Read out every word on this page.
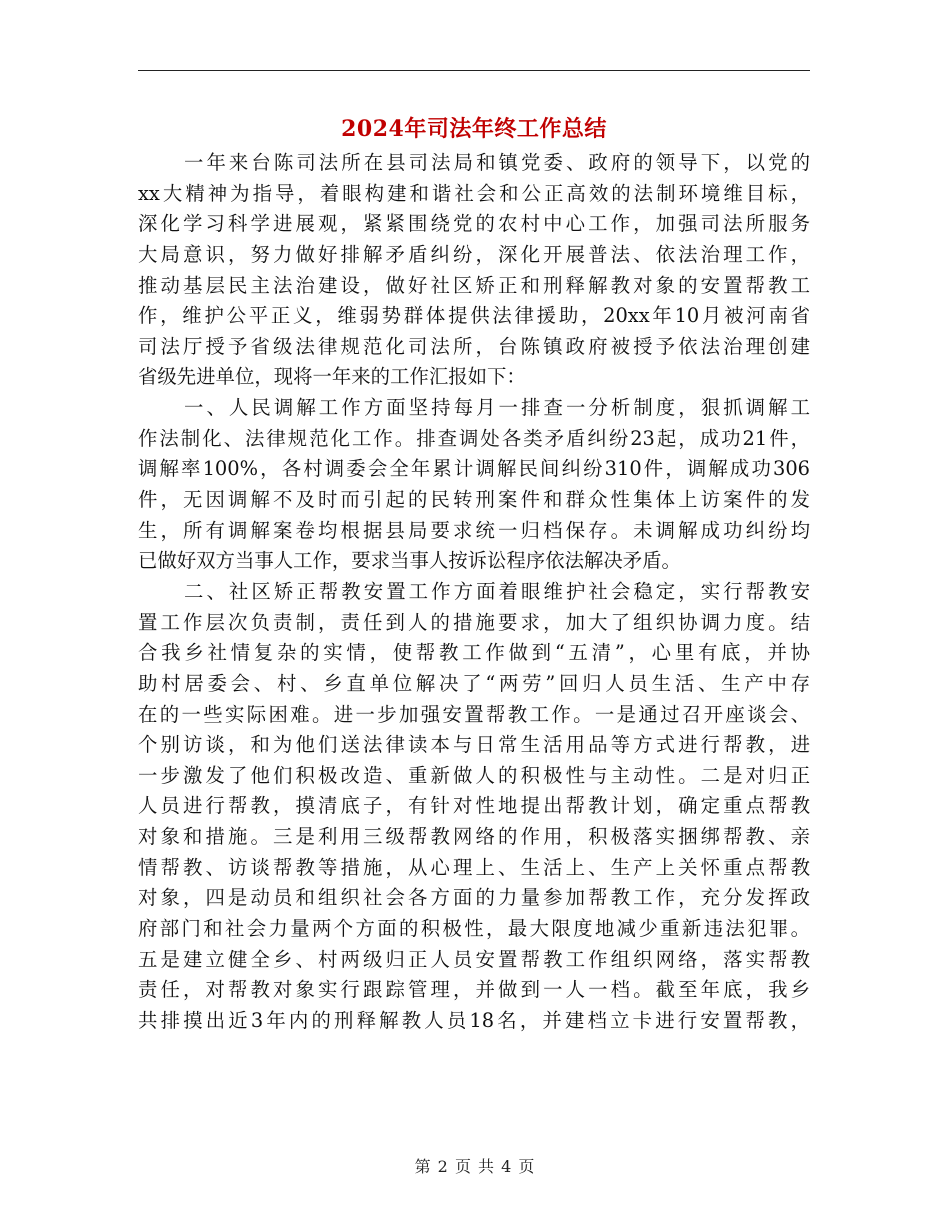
2024年司法年终工作总结
一年来台陈司法所在县司法局和镇党委、政府的领导下，以党的
xx大精神为指导，着眼构建和谐社会和公正高效的法制环境维目标，
深化学习科学进展观，紧紧围绕党的农村中心工作，加强司法所服务
大局意识，努力做好排解矛盾纠纷，深化开展普法、依法治理工作，
推动基层民主法治建设，做好社区矫正和刑释解教对象的安置帮教工
作，维护公平正义，维弱势群体提供法律援助，20xx年10月被河南省
司法厅授予省级法律规范化司法所，台陈镇政府被授予依法治理创建
省级先进单位，现将一年来的工作汇报如下：
一、人民调解工作方面坚持每月一排查一分析制度，狠抓调解工
作法制化、法律规范化工作。排查调处各类矛盾纠纷23起，成功21件，
调解率100%，各村调委会全年累计调解民间纠纷310件，调解成功306
件，无因调解不及时而引起的民转刑案件和群众性集体上访案件的发
生，所有调解案卷均根据县局要求统一归档保存。未调解成功纠纷均
已做好双方当事人工作，要求当事人按诉讼程序依法解决矛盾。
二、社区矫正帮教安置工作方面着眼维护社会稳定，实行帮教安
置工作层次负责制，责任到人的措施要求，加大了组织协调力度。结
合我乡社情复杂的实情，使帮教工作做到“五清”，心里有底，并协
助村居委会、村、乡直单位解决了“两劳”回归人员生活、生产中存
在的一些实际困难。进一步加强安置帮教工作。一是通过召开座谈会、
个别访谈，和为他们送法律读本与日常生活用品等方式进行帮教，进
一步激发了他们积极改造、重新做人的积极性与主动性。二是对归正
人员进行帮教，摸清底子，有针对性地提出帮教计划，确定重点帮教
对象和措施。三是利用三级帮教网络的作用，积极落实捆绑帮教、亲
情帮教、访谈帮教等措施，从心理上、生活上、生产上关怀重点帮教
对象，四是动员和组织社会各方面的力量参加帮教工作，充分发挥政
府部门和社会力量两个方面的积极性，最大限度地减少重新违法犯罪。
五是建立健全乡、村两级归正人员安置帮教工作组织网络，落实帮教
责任，对帮教对象实行跟踪管理，并做到一人一档。截至年底，我乡
共排摸出近3年内的刑释解教人员18名，并建档立卡进行安置帮教，
第 2 页 共 4 页
